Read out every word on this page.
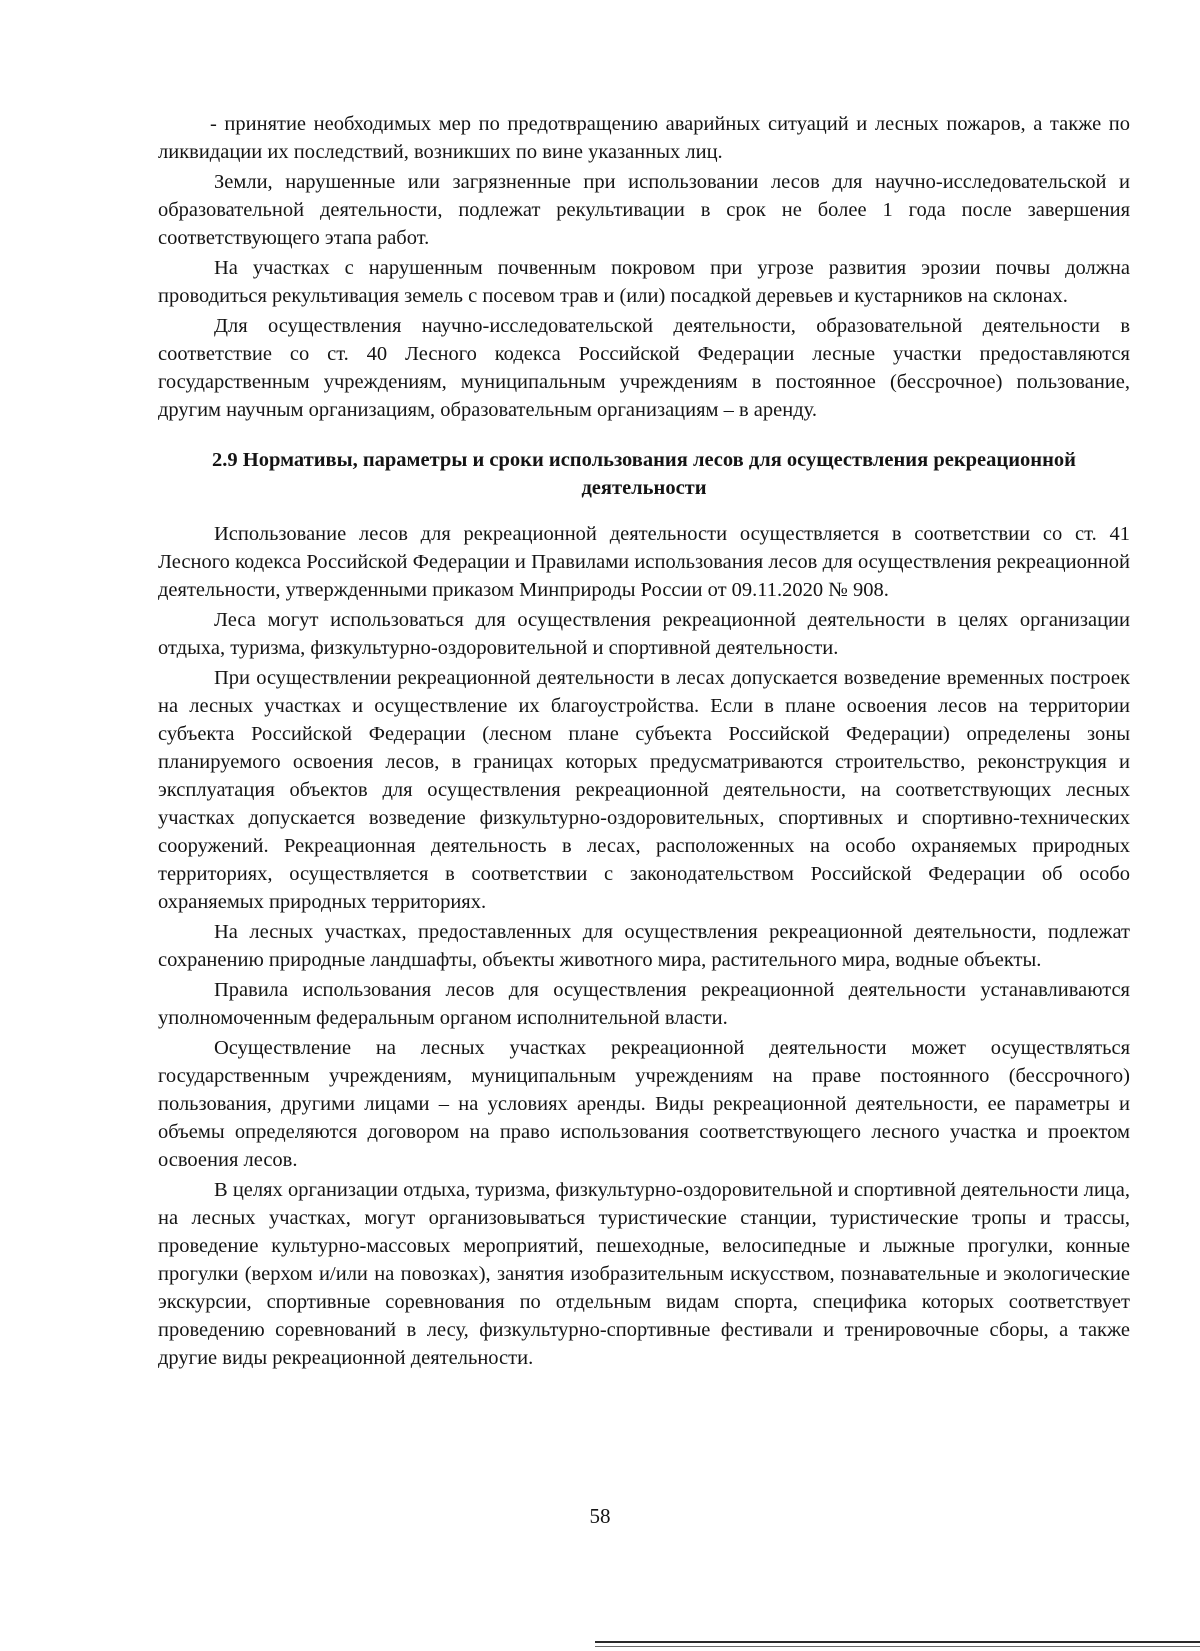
- принятие необходимых мер по предотвращению аварийных ситуаций и лесных пожаров, а также по ликвидации их последствий, возникших по вине указанных лиц.

Земли, нарушенные или загрязненные при использовании лесов для научно-исследовательской и образовательной деятельности, подлежат рекультивации в срок не более 1 года после завершения соответствующего этапа работ.

На участках с нарушенным почвенным покровом при угрозе развития эрозии почвы должна проводиться рекультивация земель с посевом трав и (или) посадкой деревьев и кустарников на склонах.

Для осуществления научно-исследовательской деятельности, образовательной деятельности в соответствие со ст. 40 Лесного кодекса Российской Федерации лесные участки предоставляются государственным учреждениям, муниципальным учреждениям в постоянное (бессрочное) пользование, другим научным организациям, образовательным организациям – в аренду.

2.9 Нормативы, параметры и сроки использования лесов для осуществления рекреационной деятельности

Использование лесов для рекреационной деятельности осуществляется в соответствии со ст. 41 Лесного кодекса Российской Федерации и Правилами использования лесов для осуществления рекреационной деятельности, утвержденными приказом Минприроды России от 09.11.2020 № 908.

Леса могут использоваться для осуществления рекреационной деятельности в целях организации отдыха, туризма, физкультурно-оздоровительной и спортивной деятельности.

При осуществлении рекреационной деятельности в лесах допускается возведение временных построек на лесных участках и осуществление их благоустройства. Если в плане освоения лесов на территории субъекта Российской Федерации (лесном плане субъекта Российской Федерации) определены зоны планируемого освоения лесов, в границах которых предусматриваются строительство, реконструкция и эксплуатация объектов для осуществления рекреационной деятельности, на соответствующих лесных участках допускается возведение физкультурно-оздоровительных, спортивных и спортивно-технических сооружений. Рекреационная деятельность в лесах, расположенных на особо охраняемых природных территориях, осуществляется в соответствии с законодательством Российской Федерации об особо охраняемых природных территориях.

На лесных участках, предоставленных для осуществления рекреационной деятельности, подлежат сохранению природные ландшафты, объекты животного мира, растительного мира, водные объекты.

Правила использования лесов для осуществления рекреационной деятельности устанавливаются уполномоченным федеральным органом исполнительной власти.

Осуществление на лесных участках рекреационной деятельности может осуществляться государственным учреждениям, муниципальным учреждениям на праве постоянного (бессрочного) пользования, другими лицами – на условиях аренды. Виды рекреационной деятельности, ее параметры и объемы определяются договором на право использования соответствующего лесного участка и проектом освоения лесов.

В целях организации отдыха, туризма, физкультурно-оздоровительной и спортивной деятельности лица, на лесных участках, могут организовываться туристические станции, туристические тропы и трассы, проведение культурно-массовых мероприятий, пешеходные, велосипедные и лыжные прогулки, конные прогулки (верхом и/или на повозках), занятия изобразительным искусством, познавательные и экологические экскурсии, спортивные соревнования по отдельным видам спорта, специфика которых соответствует проведению соревнований в лесу, физкультурно-спортивные фестивали и тренировочные сборы, а также другие виды рекреационной деятельности.

58
